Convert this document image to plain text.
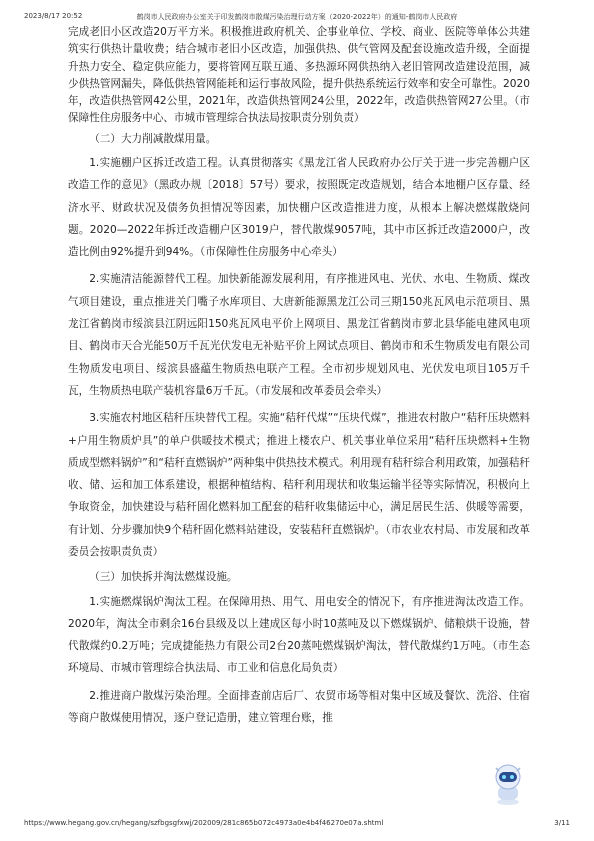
2023/8/17 20:52	鹤岗市人民政府办公室关于印发鹤岗市散煤污染治理行动方案（2020-2022年）的通知-鹤岗市人民政府

完成老旧小区改造20万平方米。积极推进政府机关、企事业单位、学校、商业、医院等单体公共建筑实行供热计量收费；结合城市老旧小区改造，加强供热、供气管网及配套设施改造升级，全面提升热力安全、稳定供应能力，要将管网互联互通、多热源环网供热纳入老旧管网改造建设范围，减少供热管网漏失，降低供热管网能耗和运行事故风险，提升供热系统运行效率和安全可靠性。2020年，改造供热管网42公里，2021年，改造供热管网24公里，2022年，改造供热管网27公里。（市保障性住房服务中心、市城市管理综合执法局按职责分别负责）

（二）大力削减散煤用量。

1.实施棚户区拆迁改造工程。认真贯彻落实《黑龙江省人民政府办公厅关于进一步完善棚户区改造工作的意见》（黑政办规〔2018〕57号）要求，按照既定改造规划，结合本地棚户区存量、经济水平、财政状况及债务负担情况等因素，加快棚户区改造推进力度，从根本上解决燃煤散烧问题。2020—2022年拆迁改造棚户区3019户，替代散煤9057吨，其中市区拆迁改造2000户，改造比例由92%提升到94%。（市保障性住房服务中心牵头）

2.实施清洁能源替代工程。加快新能源发展利用，有序推进风电、光伏、水电、生物质、煤改气项目建设，重点推进关门嘴子水库项目、大唐新能源黑龙江公司三期150兆瓦风电示范项目、黑龙江省鹤岗市绥滨县江阴远阳150兆瓦风电平价上网项目、黑龙江省鹤岗市萝北县华能电建风电项目、鹤岗市天合光能50万千瓦光伏发电无补贴平价上网试点项目、鹤岗市和禾生物质发电有限公司生物质发电项目、绥滨县盛藴生物质热电联产工程。全市初步规划风电、光伏发电项目105万千瓦，生物质热电联产装机容量6万千瓦。（市发展和改革委员会牵头）

3.实施农村地区秸秆压块替代工程。实施“秸秆代煤”“压块代煤”，推进农村散户“秸秆压块燃料+户用生物质炉具”的单户供暖技术模式；推进上楼农户、机关事业单位采用“秸秆压块燃料+生物质成型燃料锅炉”和“秸秆直燃锅炉”两种集中供热技术模式。利用现有秸秆综合利用政策，加强秸秆收、储、运和加工体系建设，根据种植结构、秸秆利用现状和收集运输半径等实际情况，积极向上争取资金，加快建设与秸秆固化燃料加工配套的秸秆收集储运中心，满足居民生活、供暖等需要，有计划、分步骤加快9个秸秆固化燃料站建设，安装秸秆直燃锅炉。（市农业农村局、市发展和改革委员会按职责负责）

（三）加快拆并淘汰燃煤设施。

1.实施燃煤锅炉淘汰工程。在保障用热、用气、用电安全的情况下，有序推进淘汰改造工作。2020年，淘汰全市剩余16台县级及以上建成区每小时10蒸吨及以下燃煤锅炉、储粮烘干设施，替代散煤约0.2万吨；完成捷能热力有限公司2台20蒸吨燃煤锅炉淘汰，替代散煤约1万吨。（市生态环境局、市城市管理综合执法局、市工业和信息化局负责）

2.推进商户散煤污染治理。全面排查前店后厂、农贸市场等相对集中区域及餐饮、洗浴、住宿等商户散煤使用情况，逐户登记造册，建立管理台账，推

https://www.hegang.gov.cn/hegang/szfbgsgfxwj/202009/281c865b072c4973a0e4b4f46270e07a.shtml	3/11
